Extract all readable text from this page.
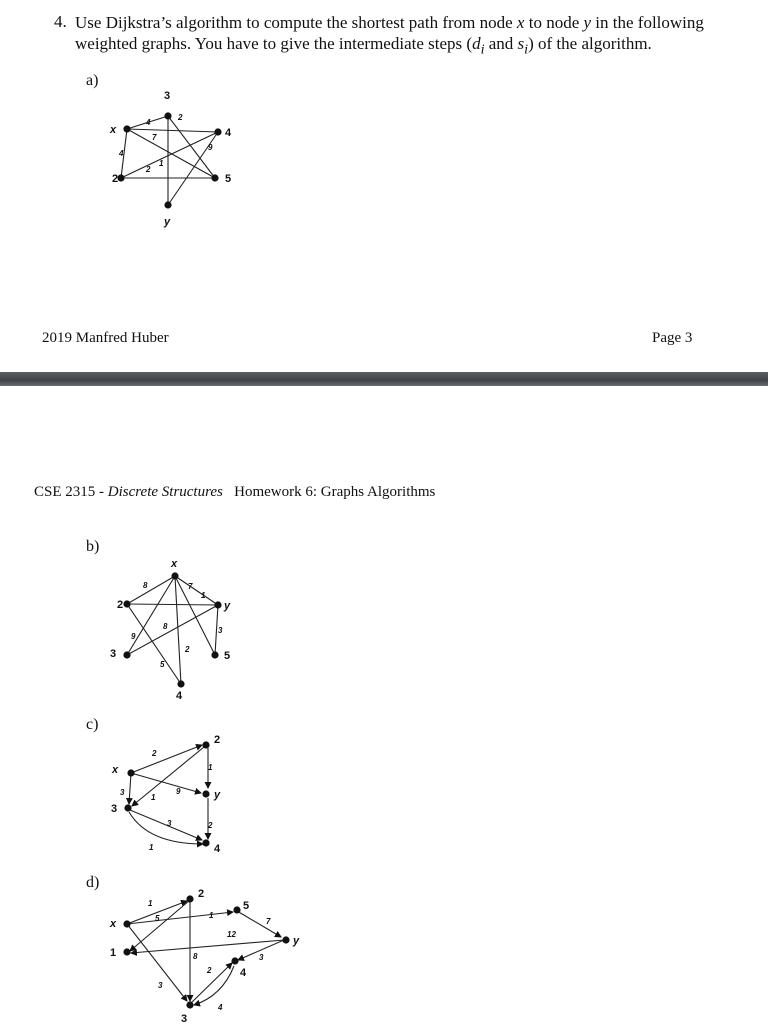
4. Use Dijkstra’s algorithm to compute the shortest path from node x to node y in the following weighted graphs. You have to give the intermediate steps ($d_i$ and $s_i$) of the algorithm.
a)
x
3
4
2	5
y
4
7
2
4
2
1
9
2019 Manfred Huber	Page 3
CSE 2315 - Discrete Structures Homework 6: Graphs Algorithms
b)
x
2	y
3	5
4
8	7
1
9
8	3
2
5
c)
x
2
3
y
4
2
1
3
1
9
3	2
1
d)
x
2
5
1
y
4
3
1
5	1
7
12
3
8
2
3
4
